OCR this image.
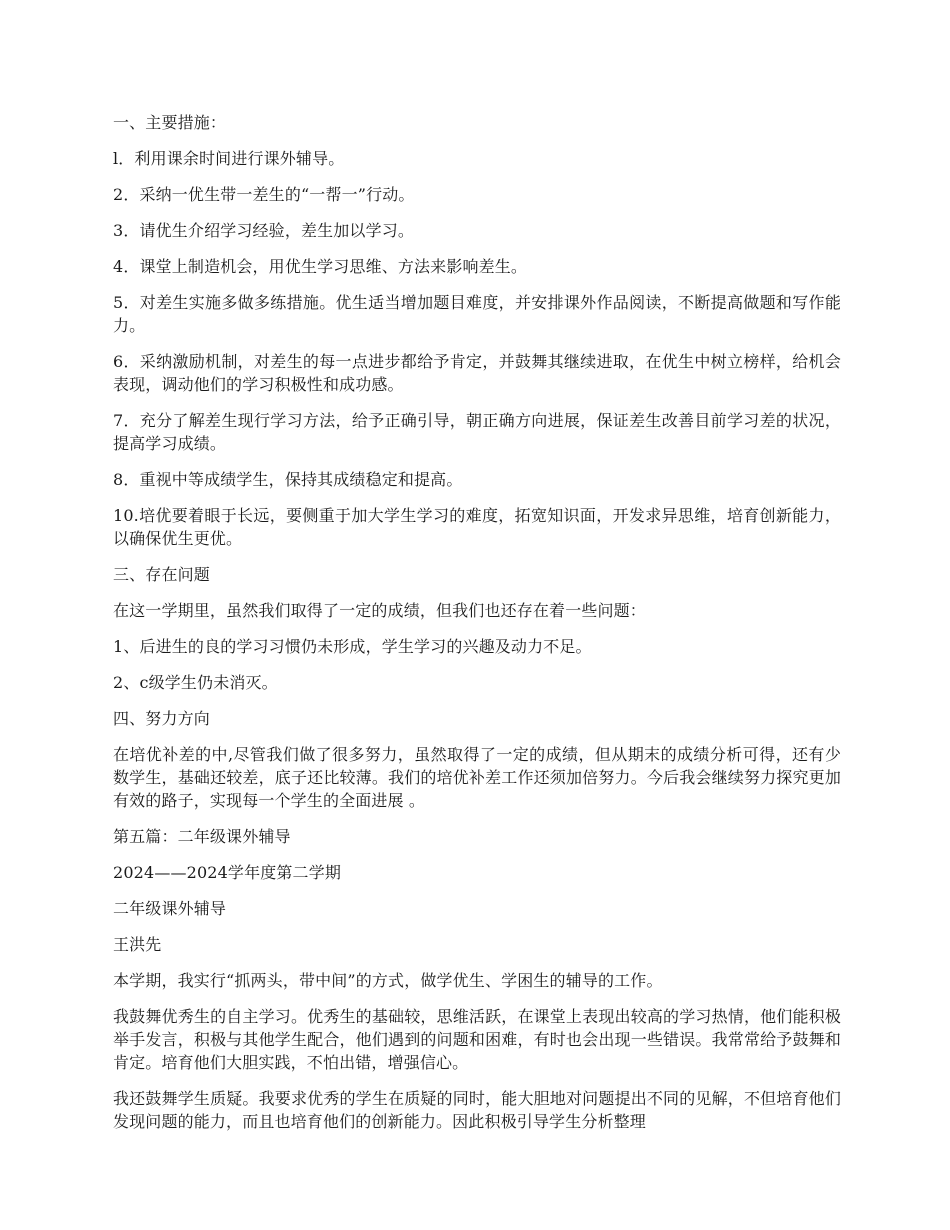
一、主要措施：

l．利用课余时间进行课外辅导。

2．采纳一优生带一差生的“一帮一”行动。

3．请优生介绍学习经验，差生加以学习。

4．课堂上制造机会，用优生学习思维、方法来影响差生。

5．对差生实施多做多练措施。优生适当增加题目难度，并安排课外作品阅读，不断提高做题和写作能力。

6．采纳激励机制，对差生的每一点进步都给予肯定，并鼓舞其继续进取，在优生中树立榜样，给机会表现，调动他们的学习积极性和成功感。

7．充分了解差生现行学习方法，给予正确引导，朝正确方向进展，保证差生改善目前学习差的状况，提高学习成绩。

8．重视中等成绩学生，保持其成绩稳定和提高。

10.培优要着眼于长远，要侧重于加大学生学习的难度，拓宽知识面，开发求异思维，培育创新能力，以确保优生更优。

三、存在问题

在这一学期里，虽然我们取得了一定的成绩，但我们也还存在着一些问题：

1、后进生的良的学习习惯仍未形成，学生学习的兴趣及动力不足。

2、c级学生仍未消灭。

四、努力方向

在培优补差的中,尽管我们做了很多努力，虽然取得了一定的成绩，但从期末的成绩分析可得，还有少数学生，基础还较差，底子还比较薄。我们的培优补差工作还须加倍努力。今后我会继续努力探究更加有效的路子，实现每一个学生的全面进展 。

第五篇：二年级课外辅导

2024——2024学年度第二学期

二年级课外辅导

王洪先

本学期，我实行“抓两头，带中间”的方式，做学优生、学困生的辅导的工作。

我鼓舞优秀生的自主学习。优秀生的基础较，思维活跃，在课堂上表现出较高的学习热情，他们能积极举手发言，积极与其他学生配合，他们遇到的问题和困难，有时也会出现一些错误。我常常给予鼓舞和肯定。培育他们大胆实践，不怕出错，增强信心。

我还鼓舞学生质疑。我要求优秀的学生在质疑的同时，能大胆地对问题提出不同的见解，不但培育他们发现问题的能力，而且也培育他们的创新能力。因此积极引导学生分析整理
